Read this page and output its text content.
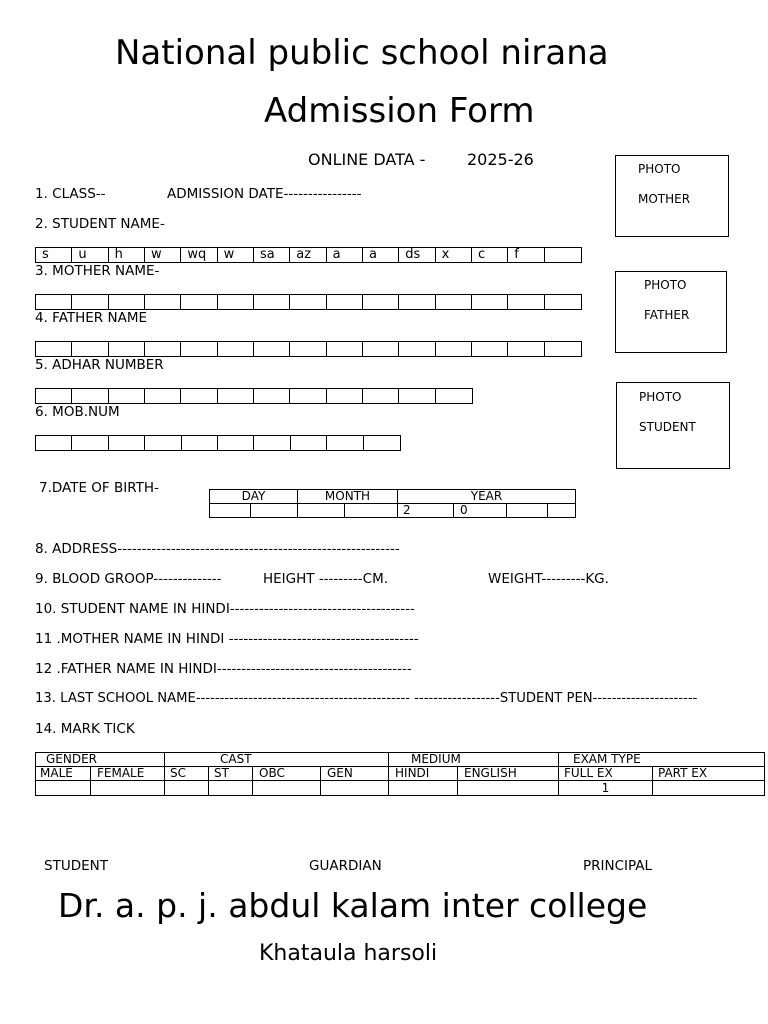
National public school nirana
Admission Form
ONLINE DATA -	2025-26	PHOTO
MOTHER
PHOTO
FATHER
PHOTO
STUDENT
1. CLASS--	ADMISSION DATE----------------
2. STUDENT NAME-
s	u	h	w	wq	w	sa	az	a	a	ds	x	c	f
3. MOTHER NAME-
4. FATHER NAME
5. ADHAR NUMBER
6. MOB.NUM
7.DATE OF BIRTH-	DAY		MONTH		YEAR			
				2	0		
8. ADDRESS----------------------------------------------------------
9. BLOOD GROOP--------------	HEIGHT ---------CM.	WEIGHT---------KG.
10. STUDENT NAME IN HINDI--------------------------------------
11 .MOTHER NAME IN HINDI ---------------------------------------
12 .FATHER NAME IN HINDI----------------------------------------
13. LAST SCHOOL NAME--------------------------------------------- ------------------STUDENT PEN----------------------
14. MARK TICK
GENDER		CAST				MEDIUM		EXAM TYPE	
MALE	FEMALE	SC	ST	OBC	GEN	HINDI	ENGLISH	FULL EX	PART EX
								1	
STUDENT	GUARDIAN	PRINCIPAL
Dr. a. p. j. abdul kalam inter college
Khataula harsoli
